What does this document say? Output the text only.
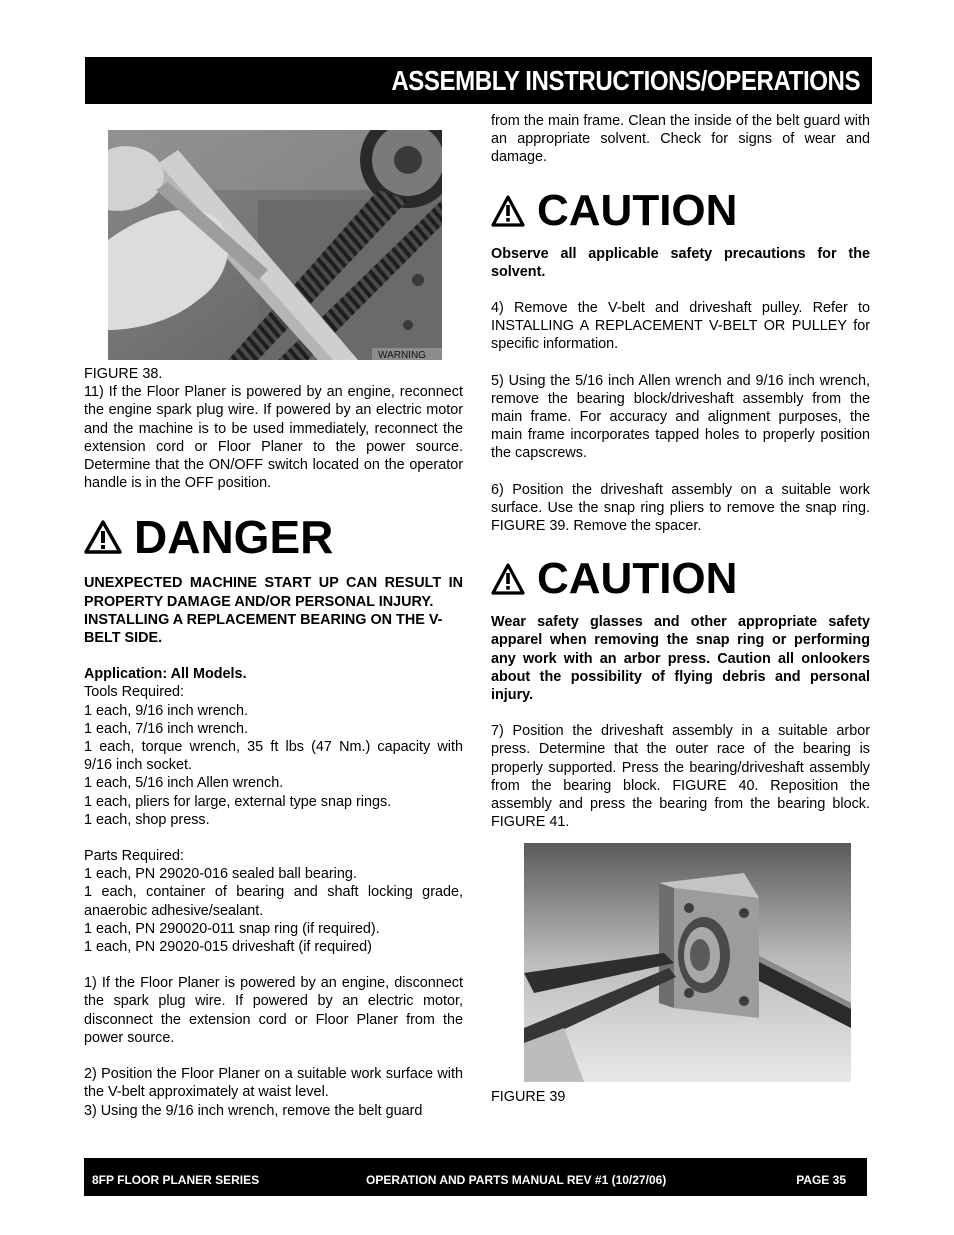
ASSEMBLY INSTRUCTIONS/OPERATIONS
WARNING

FIGURE 38.

11) If the Floor Planer is powered by an engine, reconnect the engine spark plug wire. If powered by an electric motor and the machine is to be used immediately, reconnect the extension cord or Floor Planer to the power source. Determine that the ON/OFF switch located on the operator handle is in the OFF position.

DANGER

UNEXPECTED MACHINE START UP CAN RESULT IN PROPERTY DAMAGE AND/OR PERSONAL INJURY.

INSTALLING A REPLACEMENT BEARING ON THE V-BELT SIDE.

Application: All Models.

Tools Required:

1 each, 9/16 inch wrench.

1 each, 7/16 inch wrench.

1 each, torque wrench, 35 ft lbs (47 Nm.) capacity with 9/16 inch socket.

1 each, 5/16 inch Allen wrench.

1 each, pliers for large, external type snap rings.

1 each, shop press.

Parts Required:

1 each, PN 29020-016 sealed ball bearing.

1 each, container of bearing and shaft locking grade, anaerobic adhesive/sealant.

1 each, PN 290020-011 snap ring (if required).

1 each, PN 29020-015 driveshaft (if required)

1) If the Floor Planer is powered by an engine, disconnect the spark plug wire. If powered by an electric motor, disconnect the extension cord or Floor Planer from the power source.

2) Position the Floor Planer on a suitable work surface with the V-belt approximately at waist level.

3) Using the 9/16 inch wrench, remove the belt guard

from the main frame. Clean the inside of the belt guard with an appropriate solvent. Check for signs of wear and damage.

CAUTION

Observe all applicable safety precautions for the solvent.

4) Remove the V-belt and driveshaft pulley. Refer to INSTALLING A REPLACEMENT V-BELT OR PULLEY for specific information.

5) Using the 5/16 inch Allen wrench and 9/16 inch wrench, remove the bearing block/driveshaft assembly from the main frame. For accuracy and alignment purposes, the main frame incorporates tapped holes to properly position the capscrews.

6) Position the driveshaft assembly on a suitable work surface. Use the snap ring pliers to remove the snap ring. FIGURE 39. Remove the spacer.

CAUTION

Wear safety glasses and other appropriate safety apparel when removing the snap ring or performing any work with an arbor press. Caution all onlookers about the possibility of flying debris and personal injury.

7) Position the driveshaft assembly in a suitable arbor press. Determine that the outer race of the bearing is properly supported. Press the bearing/driveshaft assembly from the bearing block. FIGURE 40. Reposition the assembly and press the bearing from the bearing block. FIGURE 41.

FIGURE 39

8FP FLOOR PLANER SERIES	OPERATION AND PARTS MANUAL REV #1 (10/27/06)	PAGE 35
